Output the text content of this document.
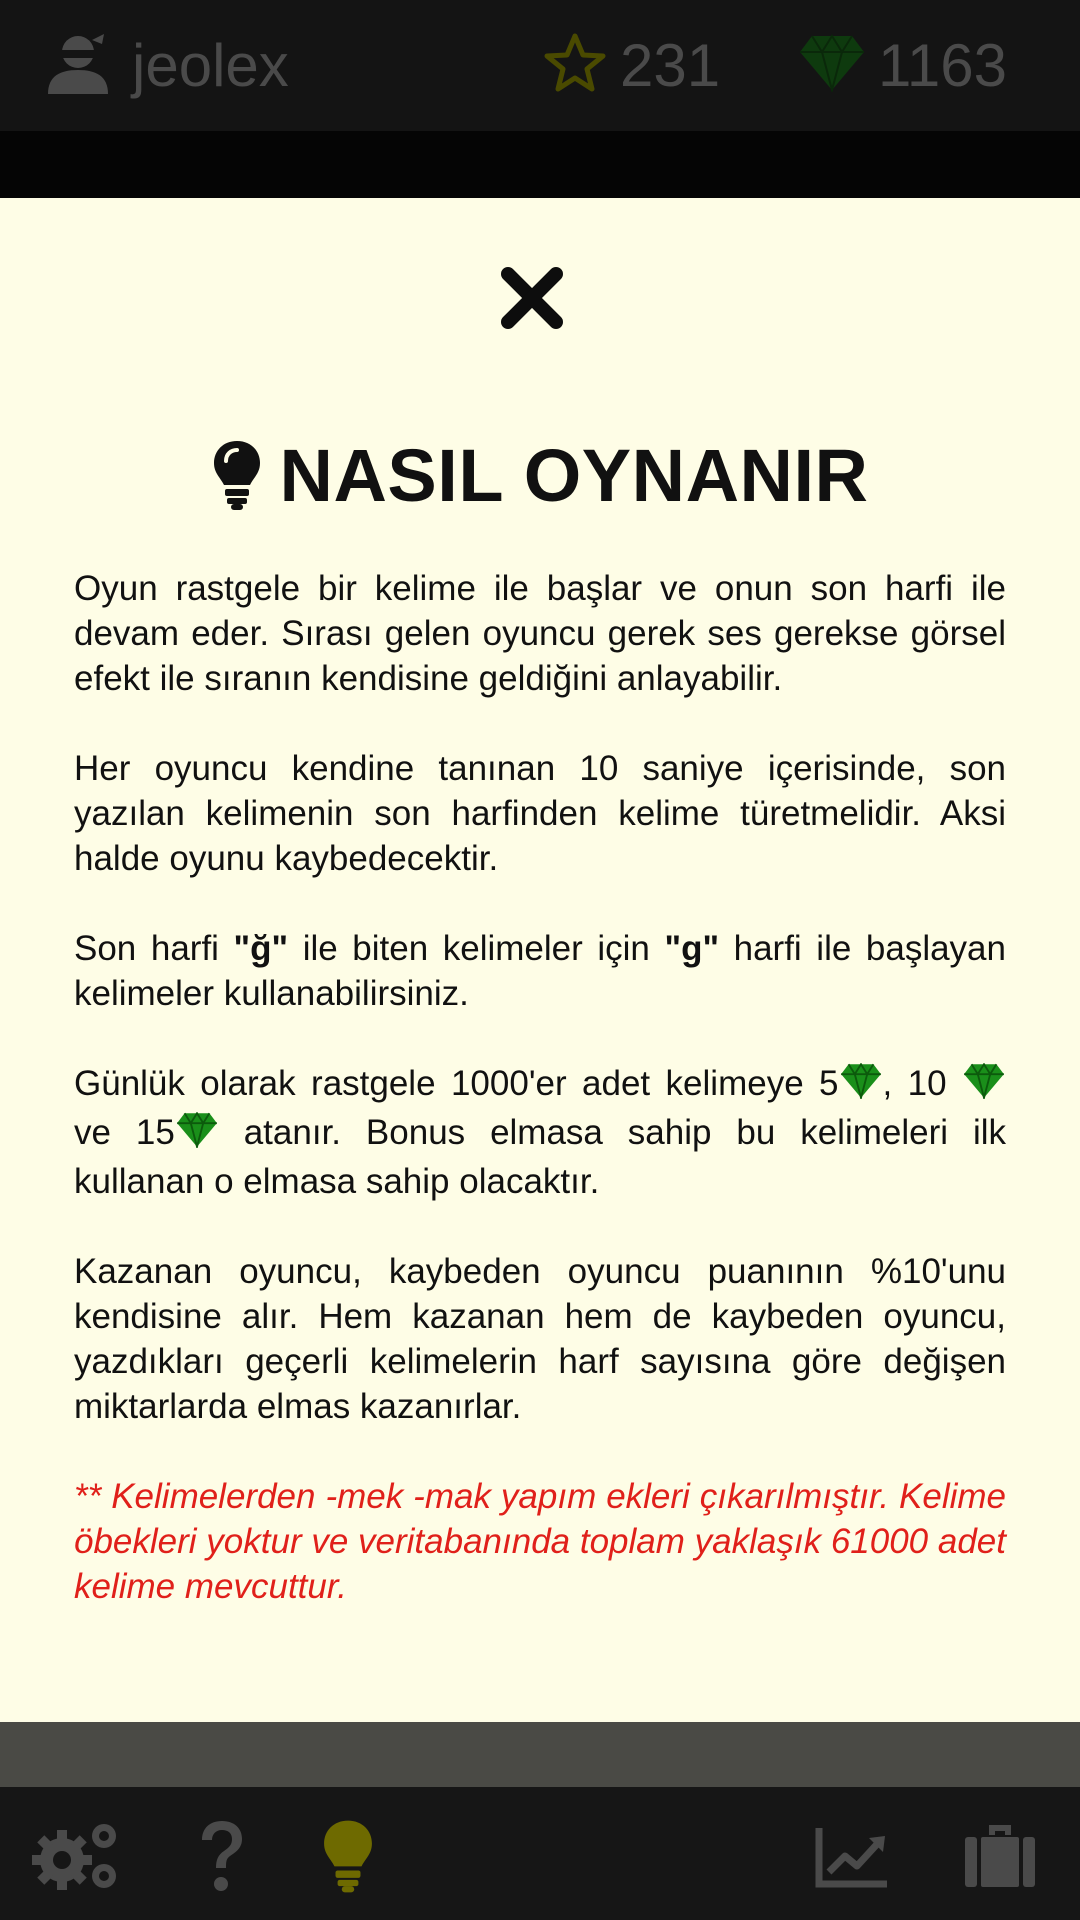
jeolex	231	1163
NASIL OYNANIR

Oyun rastgele bir kelime ile başlar ve onun son harfi ile devam eder. Sırası gelen oyuncu gerek ses gerekse görsel efekt ile sıranın kendisine geldiğini anlayabilir.

Her oyuncu kendine tanınan 10 saniye içerisinde, son yazılan kelimenin son harfinden kelime türetmelidir. Aksi halde oyunu kaybedecektir.

Son harfi "ğ" ile biten kelimeler için "g" harfi ile başlayan kelimeler kullanabilirsiniz.

Günlük olarak rastgele 1000'er adet kelimeye 5 , 10  ve 15 atanır. Bonus elmasa sahip bu kelimeleri ilk kullanan o elmasa sahip olacaktır.

Kazanan oyuncu, kaybeden oyuncu puanının %10'unu kendisine alır. Hem kazanan hem de kaybeden oyuncu, yazdıkları geçerli kelimelerin harf sayısına göre değişen miktarlarda elmas kazanırlar.

** Kelimelerden -mek -mak yapım ekleri çıkarılmıştır. Kelime öbekleri yoktur ve veritabanında toplam yaklaşık 61000 adet kelime mevcuttur.
